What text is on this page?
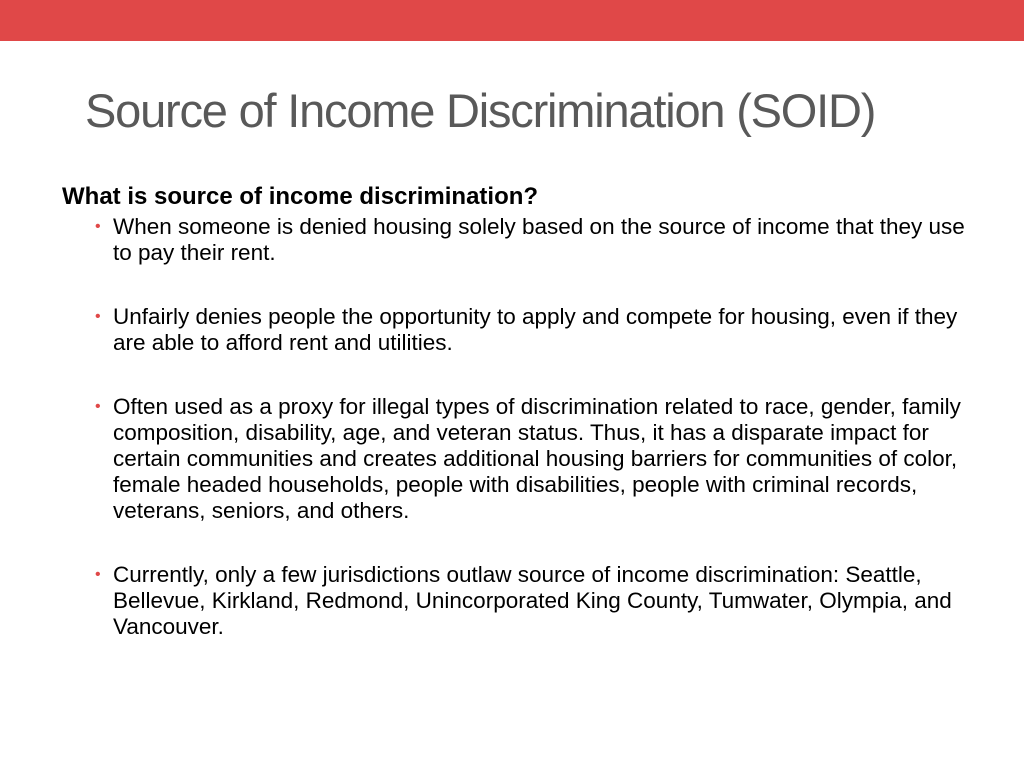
Source of Income Discrimination (SOID)

What is source of income discrimination?

• When someone is denied housing solely based on the source of income that they use to pay their rent.
• Unfairly denies people the opportunity to apply and compete for housing, even if they are able to afford rent and utilities.
• Often used as a proxy for illegal types of discrimination related to race, gender, family composition, disability, age, and veteran status. Thus, it has a disparate impact for certain communities and creates additional housing barriers for communities of color, female headed households, people with disabilities, people with criminal records, veterans, seniors, and others.
• Currently, only a few jurisdictions outlaw source of income discrimination: Seattle, Bellevue, Kirkland, Redmond, Unincorporated King County, Tumwater, Olympia, and Vancouver.
